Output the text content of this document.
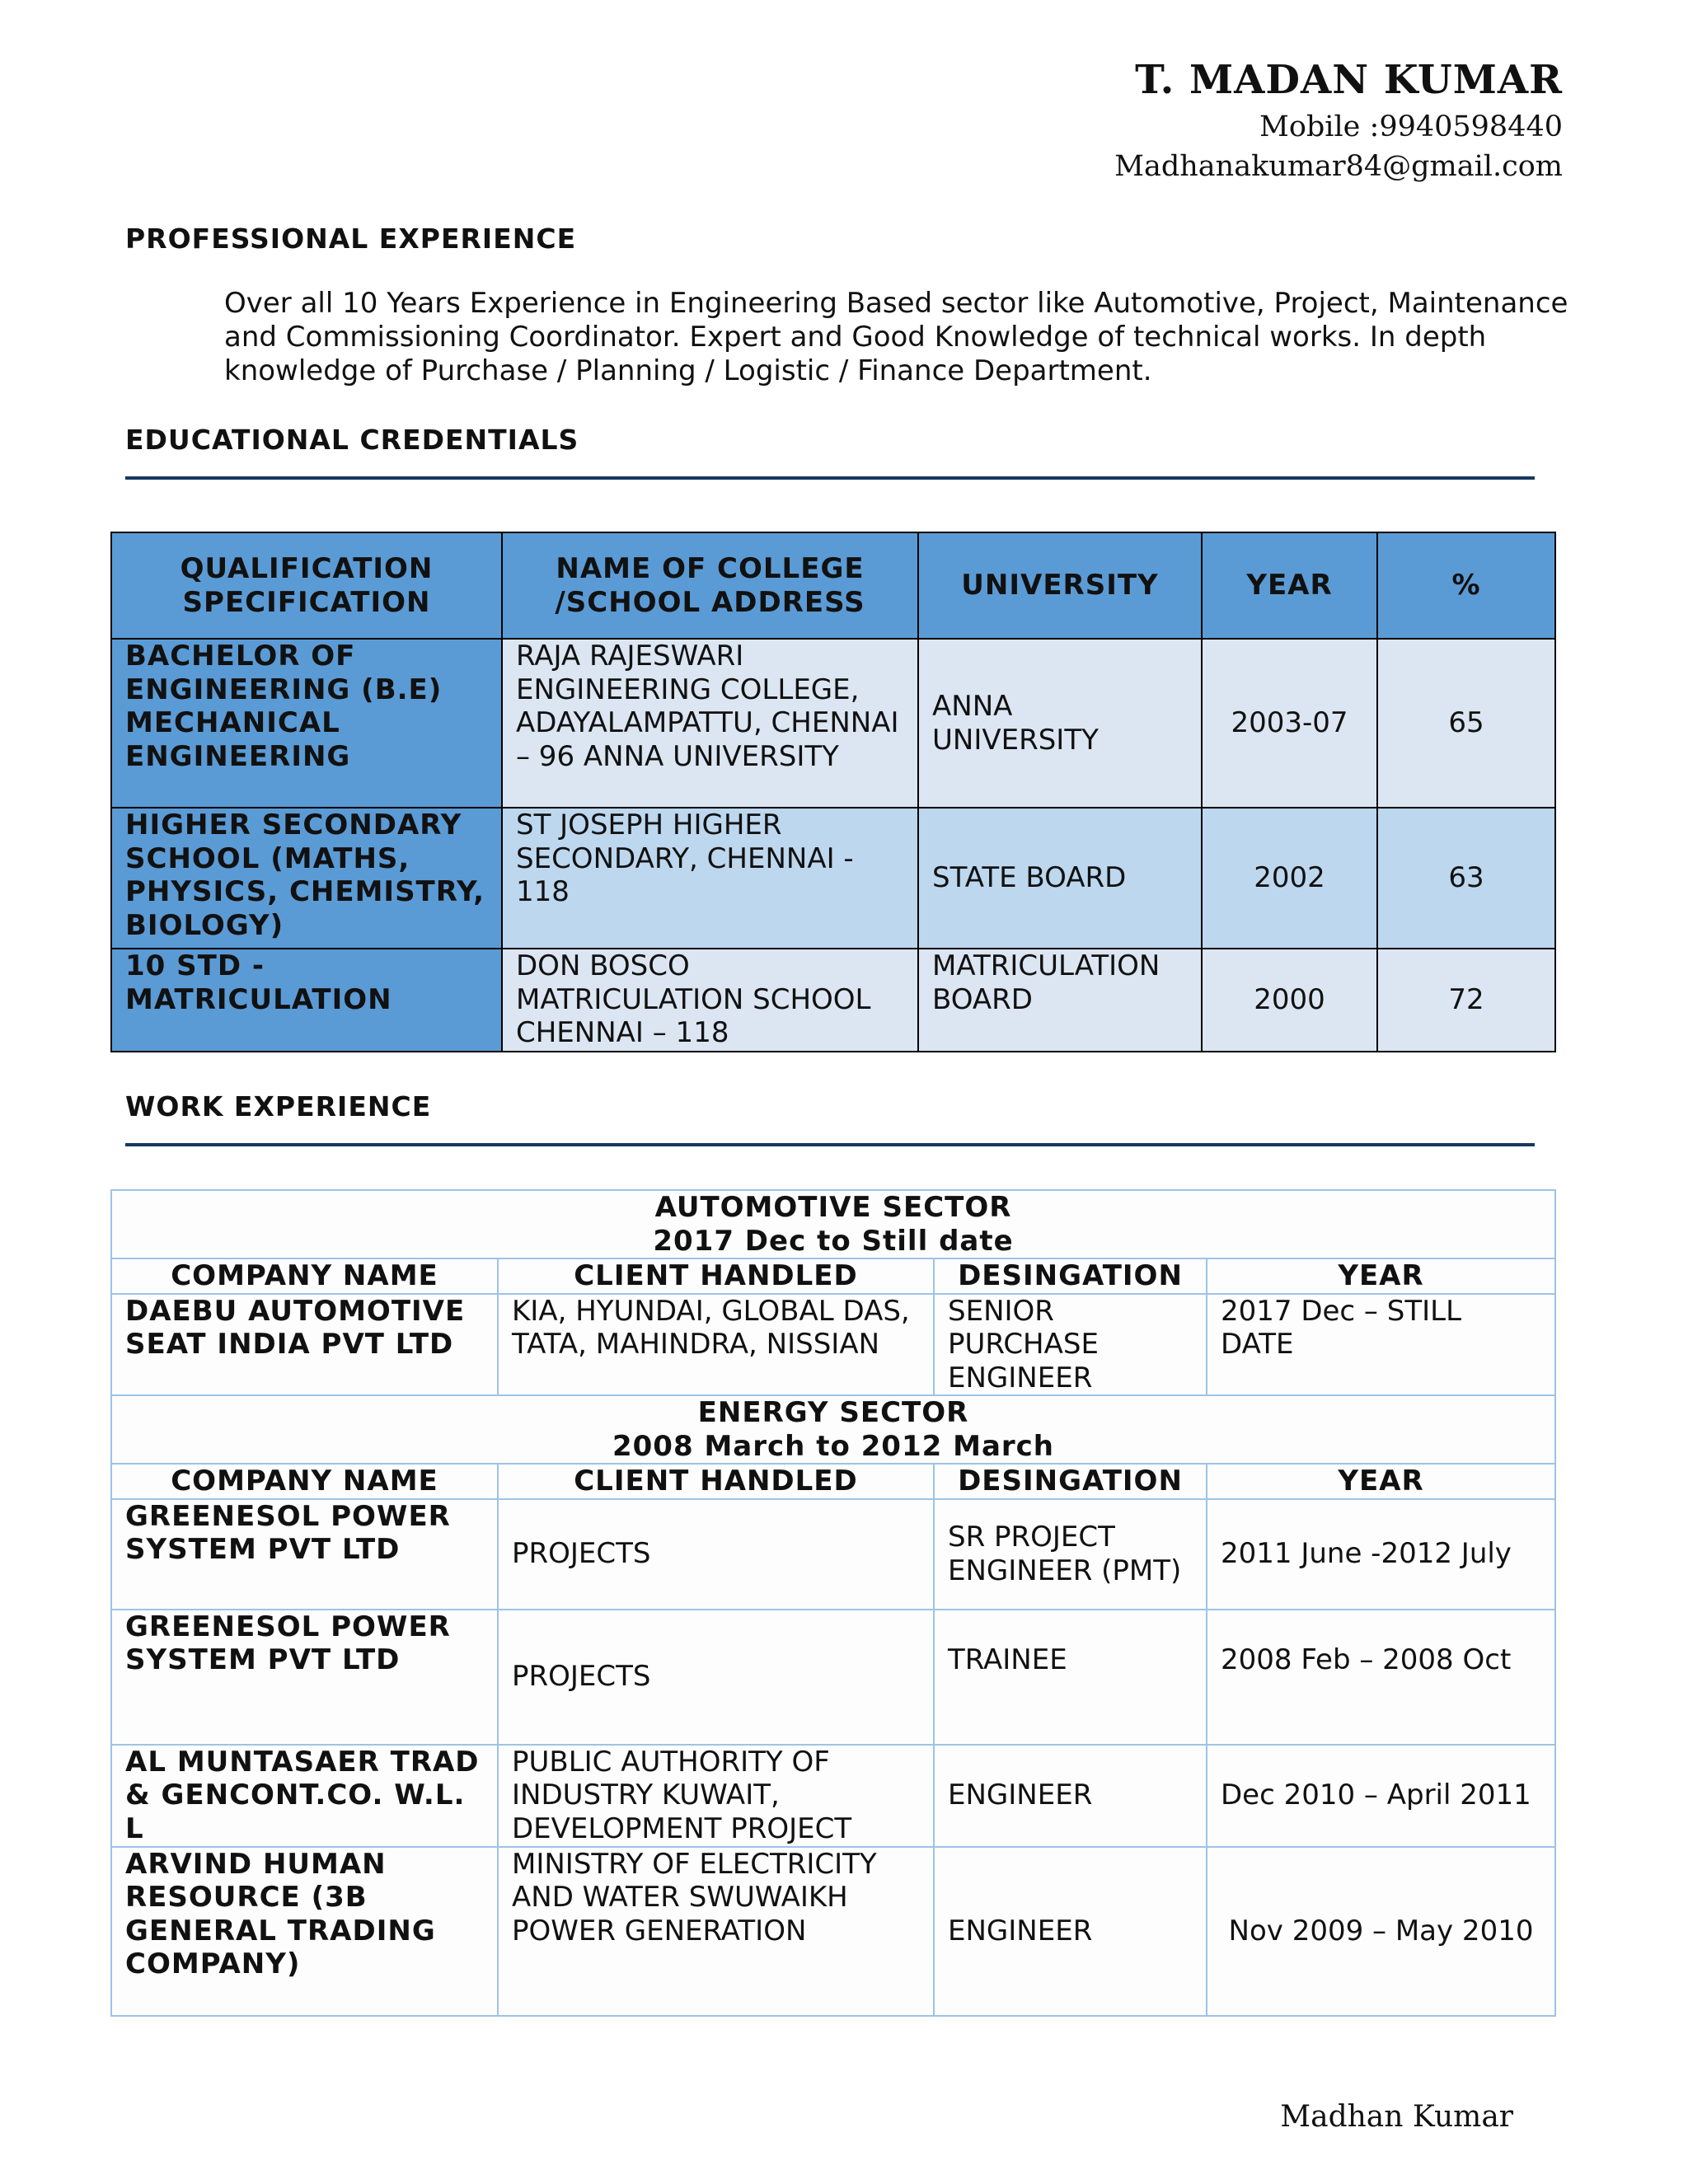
T. MADAN KUMAR
Mobile :9940598440
Madhanakumar84@gmail.com
PROFESSIONAL EXPERIENCE
Over all 10 Years Experience in Engineering Based sector like Automotive, Project, Maintenance
and Commissioning Coordinator. Expert and Good Knowledge of technical works. In depth
knowledge of Purchase / Planning / Logistic / Finance Department.
EDUCATIONAL CREDENTIALS
QUALIFICATION SPECIFICATION	NAME OF COLLEGE /SCHOOL ADDRESS	UNIVERSITY	YEAR	%
BACHELOR OF ENGINEERING (B.E) MECHANICAL ENGINEERING	RAJA RAJESWARI ENGINEERING COLLEGE, ADAYALAMPATTU, CHENNAI – 96 ANNA UNIVERSITY	ANNA UNIVERSITY	2003-07	65
HIGHER SECONDARY SCHOOL (MATHS, PHYSICS, CHEMISTRY, BIOLOGY)	ST JOSEPH HIGHER SECONDARY, CHENNAI - 118	STATE BOARD	2002	63
10 STD - MATRICULATION	DON BOSCO MATRICULATION SCHOOL CHENNAI – 118	MATRICULATION BOARD	2000	72
WORK EXPERIENCE
AUTOMOTIVE SECTOR
2017 Dec to Still date			

COMPANY NAME	CLIENT HANDLED	DESINGATION	YEAR
DAEBU AUTOMOTIVE SEAT INDIA PVT LTD	KIA, HYUNDAI, GLOBAL DAS, TATA, MAHINDRA, NISSIAN	SENIOR PURCHASE ENGINEER	2017 Dec – STILL DATE

ENERGY SECTOR
2008 March to 2012 March			

COMPANY NAME	CLIENT HANDLED	DESINGATION	YEAR
GREENESOL POWER SYSTEM PVT LTD	PROJECTS	SR PROJECT ENGINEER (PMT)	2011 June -2012 July
GREENESOL POWER SYSTEM PVT LTD	PROJECTS	TRAINEE	2008 Feb – 2008 Oct
AL MUNTASAER TRAD & GENCONT.CO. W.L. L	PUBLIC AUTHORITY OF INDUSTRY KUWAIT, DEVELOPMENT PROJECT	ENGINEER	Dec 2010 – April 2011
ARVIND HUMAN RESOURCE (3B GENERAL TRADING COMPANY)	MINISTRY OF ELECTRICITY AND WATER SWUWAIKH POWER GENERATION	ENGINEER	Nov 2009 – May 2010
Madhan Kumar
